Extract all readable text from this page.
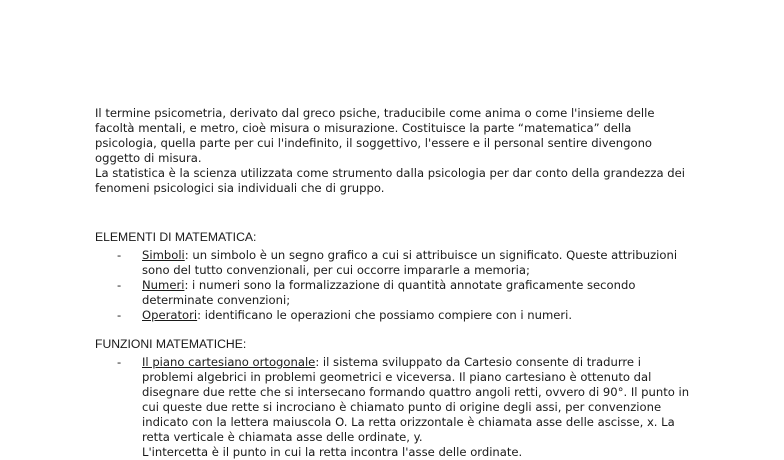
Il termine psicometria, derivato dal greco psiche, traducibile come anima o come l'insieme delle facoltà mentali, e metro, cioè misura o misurazione. Costituisce la parte “matematica” della psicologia, quella parte per cui l'indefinito, il soggettivo, l'essere e il personal sentire divengono oggetto di misura.

La statistica è la scienza utilizzata come strumento dalla psicologia per dar conto della grandezza dei fenomeni psicologici sia individuali che di gruppo.

ELEMENTI DI MATEMATICA:

- Simboli: un simbolo è un segno grafico a cui si attribuisce un significato. Queste attribuzioni sono del tutto convenzionali, per cui occorre impararle a memoria;
- Numeri: i numeri sono la formalizzazione di quantità annotate graficamente secondo determinate convenzioni;
- Operatori: identificano le operazioni che possiamo compiere con i numeri.

FUNZIONI MATEMATICHE:

- Il piano cartesiano ortogonale: il sistema sviluppato da Cartesio consente di tradurre i problemi algebrici in problemi geometrici e viceversa. Il piano cartesiano è ottenuto dal disegnare due rette che si intersecano formando quattro angoli retti, ovvero di 90°. Il punto in cui queste due rette si incrociano è chiamato punto di origine degli assi, per convenzione indicato con la lettera maiuscola O. La retta orizzontale è chiamata asse delle ascisse, x. La retta verticale è chiamata asse delle ordinate, y.
L'intercetta è il punto in cui la retta incontra l'asse delle ordinate.
